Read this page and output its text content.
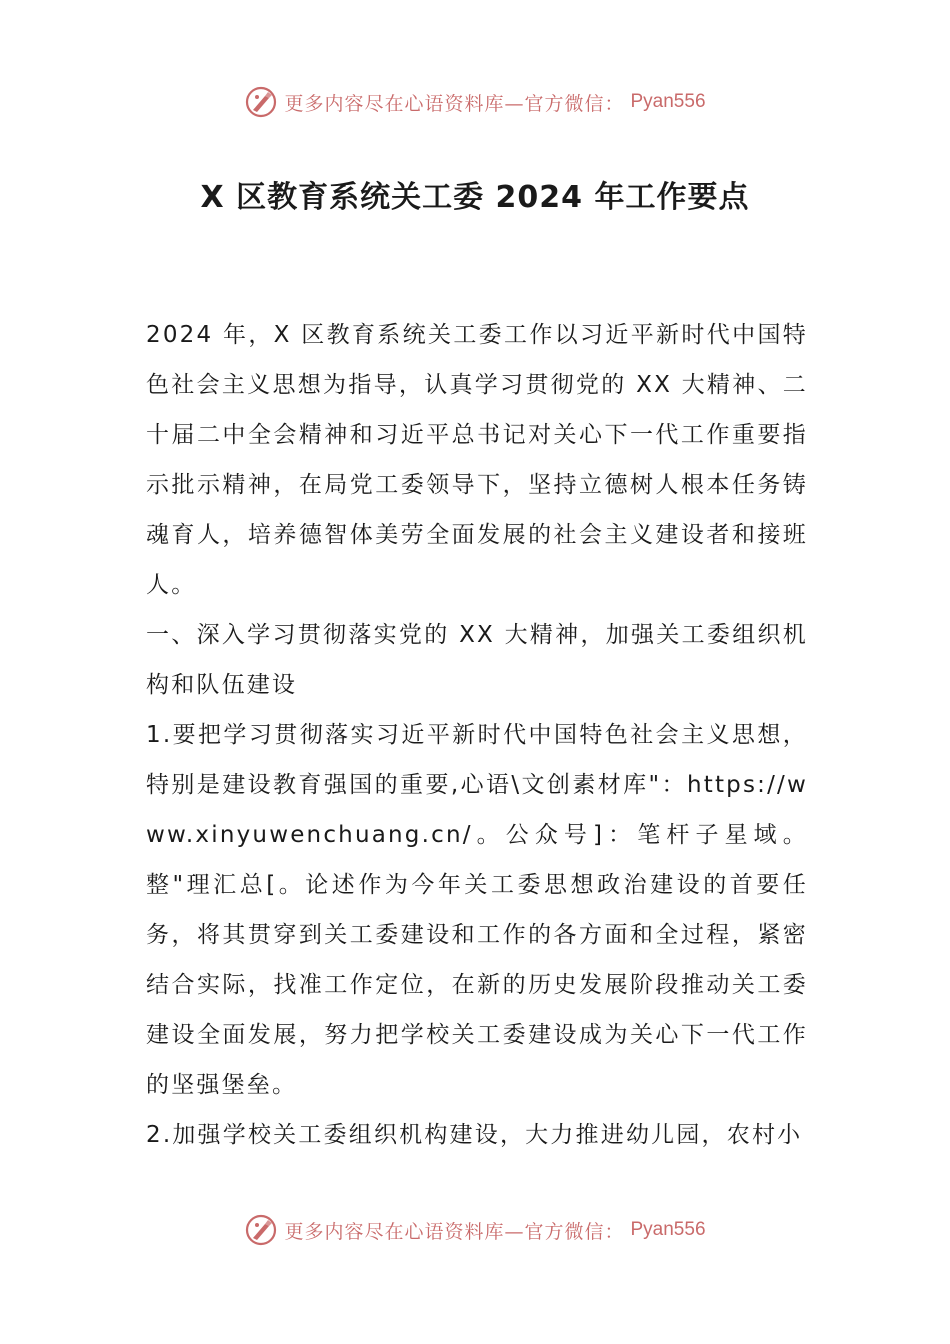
更多内容尽在心语资料库—官方微信： Pyan556
X 区教育系统关工委 2024 年工作要点

2024 年，X 区教育系统关工委工作以习近平新时代中国特色社会主义思想为指导，认真学习贯彻党的 XX 大精神、二十届二中全会精神和习近平总书记对关心下一代工作重要指示批示精神，在局党工委领导下，坚持立德树人根本任务铸魂育人，培养德智体美劳全面发展的社会主义建设者和接班人。

一、深入学习贯彻落实党的 XX 大精神，加强关工委组织机构和队伍建设

1.要把学习贯彻落实习近平新时代中国特色社会主义思想，特别是建设教育强国的重要,心语\文创素材库"：https://www.xinyuwenchuang.cn/。公众号]：笔杆子星域。整"理汇总[。论述作为今年关工委思想政治建设的首要任务，将其贯穿到关工委建设和工作的各方面和全过程，紧密结合实际，找准工作定位，在新的历史发展阶段推动关工委建设全面发展，努力把学校关工委建设成为关心下一代工作的坚强堡垒。

2.加强学校关工委组织机构建设，大力推进幼儿园，农村小

更多内容尽在心语资料库—官方微信： Pyan556
